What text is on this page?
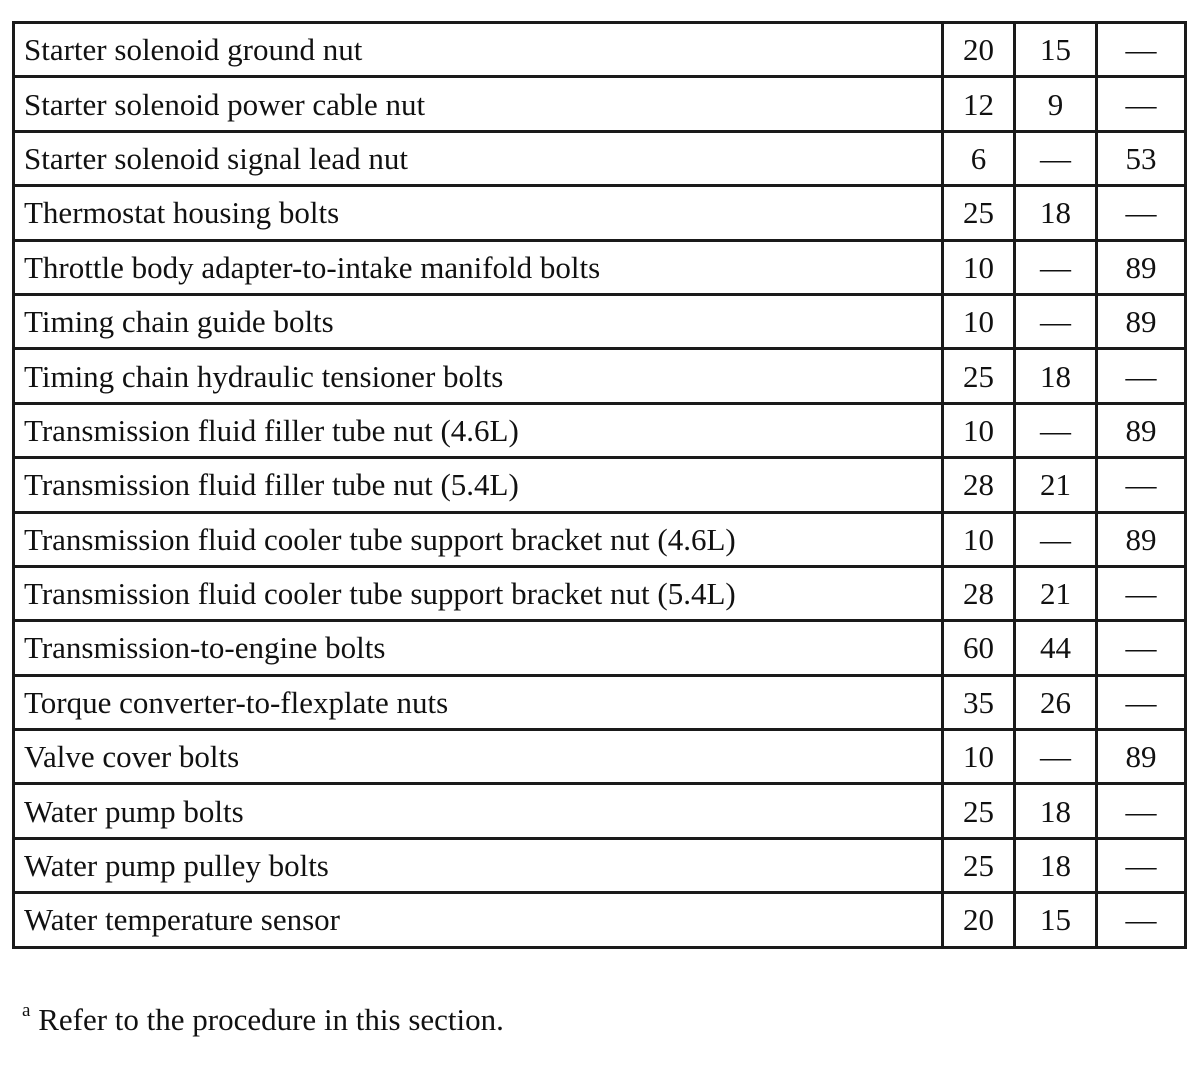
Starter solenoid ground nut	20	15	—
Starter solenoid power cable nut	12	9	—
Starter solenoid signal lead nut	6	—	53
Thermostat housing bolts	25	18	—
Throttle body adapter-to-intake manifold bolts	10	—	89
Timing chain guide bolts	10	—	89
Timing chain hydraulic tensioner bolts	25	18	—
Transmission fluid filler tube nut (4.6L)	10	—	89
Transmission fluid filler tube nut (5.4L)	28	21	—
Transmission fluid cooler tube support bracket nut (4.6L)	10	—	89
Transmission fluid cooler tube support bracket nut (5.4L)	28	21	—
Transmission-to-engine bolts	60	44	—
Torque converter-to-flexplate nuts	35	26	—
Valve cover bolts	10	—	89
Water pump bolts	25	18	—
Water pump pulley bolts	25	18	—
Water temperature sensor	20	15	—
$^a$ Refer to the procedure in this section.
